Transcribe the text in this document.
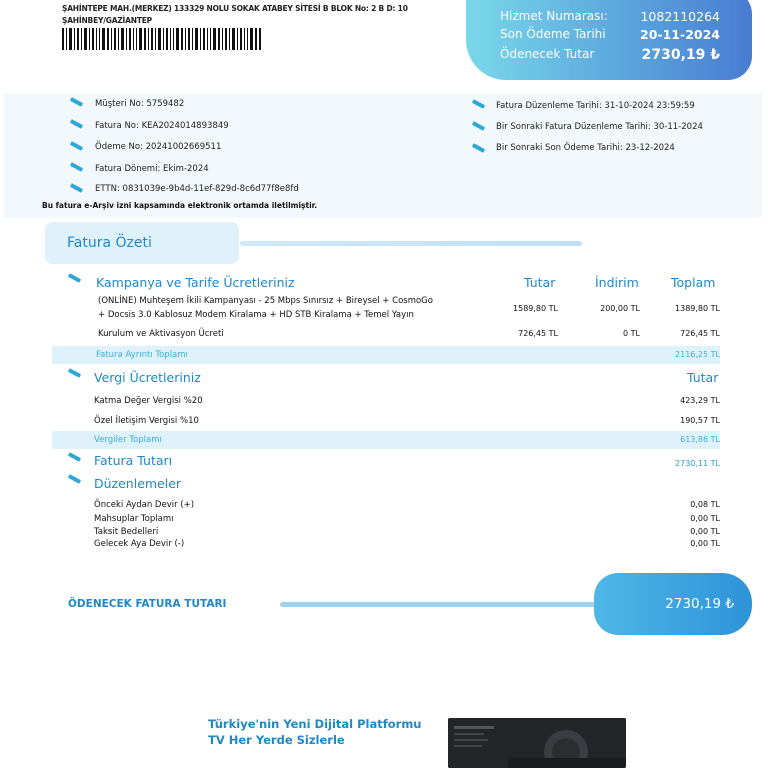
ŞAHİNTEPE MAH.(MERKEZ) 133329 NOLU SOKAK ATABEY SİTESİ B BLOK No: 2 B D: 10
ŞAHİNBEY/GAZİANTEP	Hizmet Numarası:	1082110264
Son Ödeme Tarihi	20-11-2024
Ödenecek Tutar	2730,19 ₺
Müşteri No: 5759482
Fatura No: KEA2024014893849
Ödeme No: 20241002669511
Fatura Dönemi: Ekim-2024
ETTN: 0831039e-9b4d-11ef-829d-8c6d77f8e8fd
Fatura Düzenleme Tarihi: 31-10-2024 23:59:59
Bir Sonraki Fatura Düzenleme Tarihi: 30-11-2024
Bir Sonraki Son Ödeme Tarihi: 23-12-2024
Bu fatura e-Arşiv izni kapsamında elektronik ortamda iletilmiştir.
Fatura Özeti
Kampanya ve Tarife Ücretleriniz	Tutar	İndirim	Toplam
(ONLİNE) Muhteşem İkili Kampanyası - 25 Mbps Sınırsız + Bireysel + CosmoGo
+ Docsis 3.0 Kablosuz Modem Kiralama + HD STB Kiralama + Temel Yayın
1589,80 TL	200,00 TL	1389,80 TL
Kurulum ve Aktivasyon Ücreti	726,45 TL	0 TL	726,45 TL
Fatura Ayrıntı Toplamı	2116,25 TL
Vergi Ücretleriniz	Tutar
Katma Değer Vergisi %20	423,29 TL
Özel İletişim Vergisi %10	190,57 TL
Vergiler Toplamı	613,86 TL
Fatura Tutarı	2730,11 TL
Düzenlemeler
Önceki Aydan Devir (+)	0,08 TL
Mahsuplar Toplamı	0,00 TL
Taksit Bedelleri	0,00 TL
Gelecek Aya Devir (-)	0,00 TL
ÖDENECEK FATURA TUTARI	2730,19 ₺
Türkiye'nin Yeni Dijital Platformu
TV Her Yerde Sizlerle
